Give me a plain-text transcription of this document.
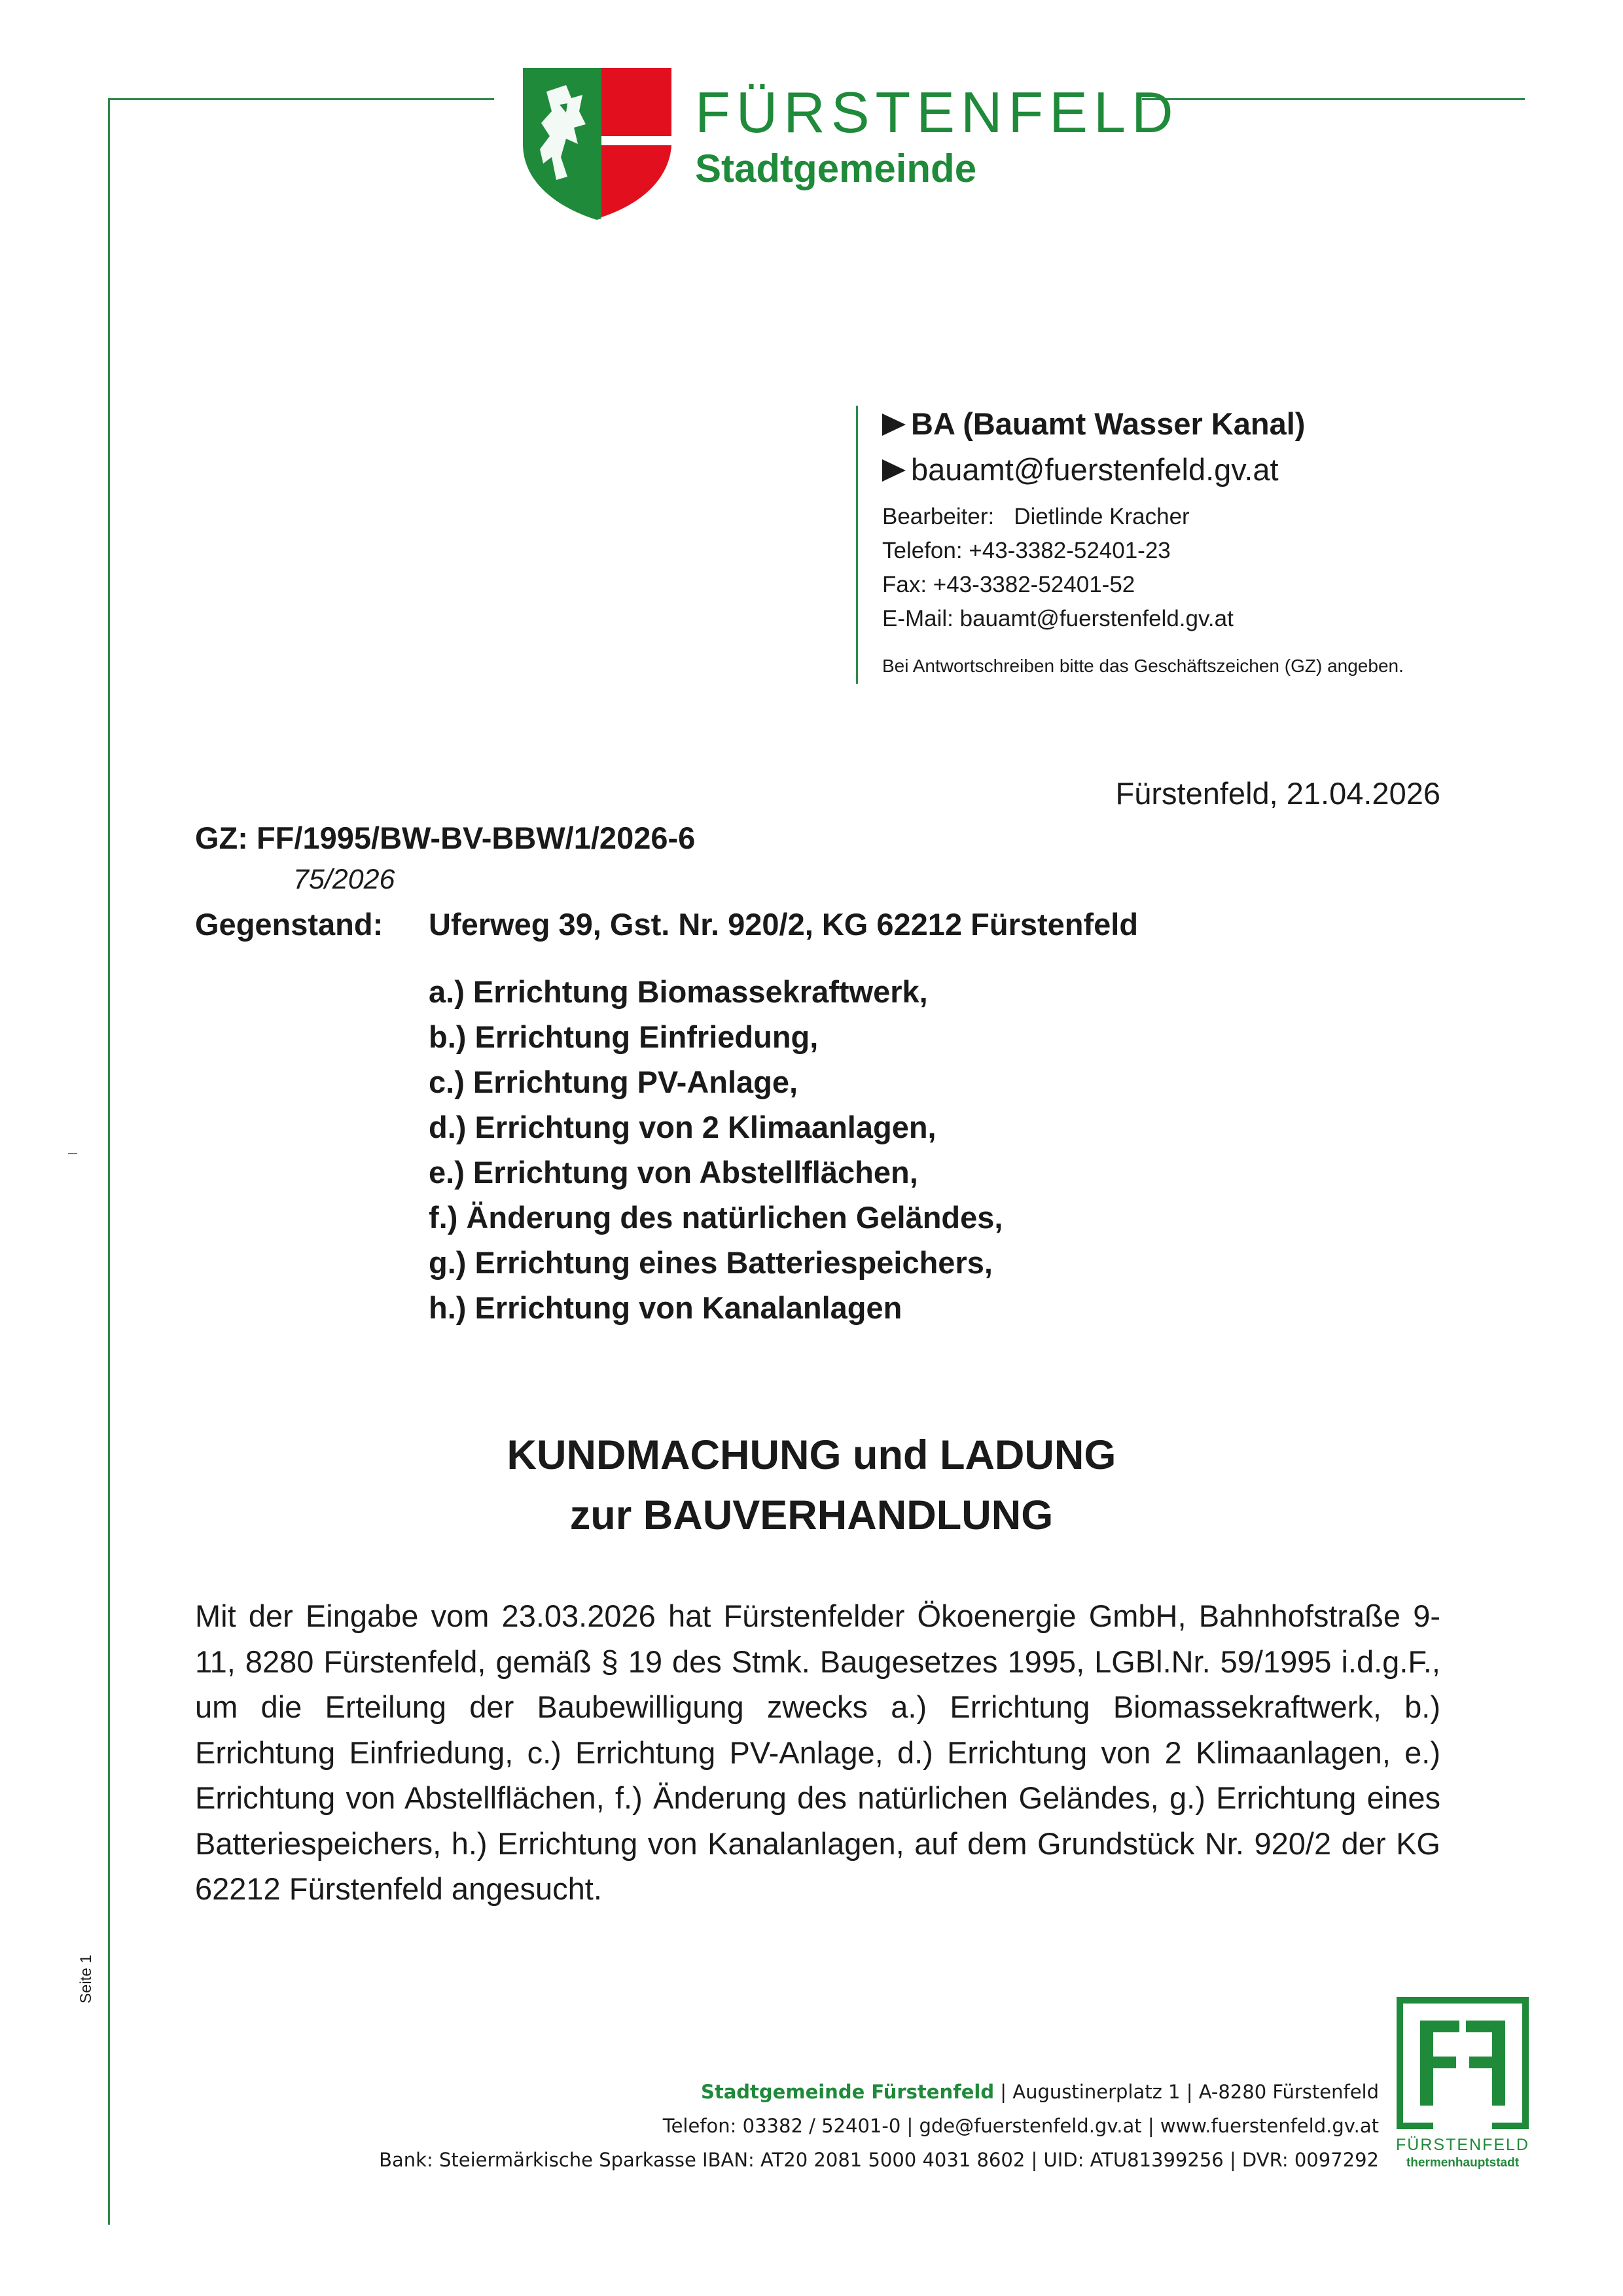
FÜRSTENFELD
Stadtgemeinde
BA (Bauamt Wasser Kanal)
bauamt@fuerstenfeld.gv.at
Bearbeiter: Dietlinde Kracher
Telefon: +43-3382-52401-23
Fax: +43-3382-52401-52
E-Mail: bauamt@fuerstenfeld.gv.at
Bei Antwortschreiben bitte das Geschäftszeichen (GZ) angeben.
Fürstenfeld, 21.04.2026
GZ: FF/1995/BW-BV-BBW/1/2026-6
75/2026
Gegenstand: Uferweg 39, Gst. Nr. 920/2, KG 62212 Fürstenfeld
a.) Errichtung Biomassekraftwerk,
b.) Errichtung Einfriedung,
c.) Errichtung PV-Anlage,
d.) Errichtung von 2 Klimaanlagen,
e.) Errichtung von Abstellflächen,
f.) Änderung des natürlichen Geländes,
g.) Errichtung eines Batteriespeichers,
h.) Errichtung von Kanalanlagen
KUNDMACHUNG und LADUNG
zur BAUVERHANDLUNG
Mit der Eingabe vom 23.03.2026 hat Fürstenfelder Ökoenergie GmbH, Bahnhofstraße 9-11, 8280 Fürstenfeld, gemäß § 19 des Stmk. Baugesetzes 1995, LGBl.Nr. 59/1995 i.d.g.F., um die Erteilung der Baubewilligung zwecks a.) Errichtung Biomassekraftwerk, b.) Errichtung Einfriedung, c.) Errichtung PV-Anlage, d.) Errichtung von 2 Klimaanlagen, e.) Errichtung von Abstellflächen, f.) Änderung des natürlichen Geländes, g.) Errichtung eines Batteriespeichers, h.) Errichtung von Kanalanlagen, auf dem Grundstück Nr. 920/2 der KG 62212 Fürstenfeld angesucht.
Seite 1
Stadtgemeinde Fürstenfeld | Augustinerplatz 1 | A-8280 Fürstenfeld
Telefon: 03382 / 52401-0 | gde@fuerstenfeld.gv.at | www.fuerstenfeld.gv.at
Bank: Steiermärkische Sparkasse IBAN: AT20 2081 5000 4031 8602 | UID: ATU81399256 | DVR: 0097292
FÜRSTENFELD
thermenhauptstadt
